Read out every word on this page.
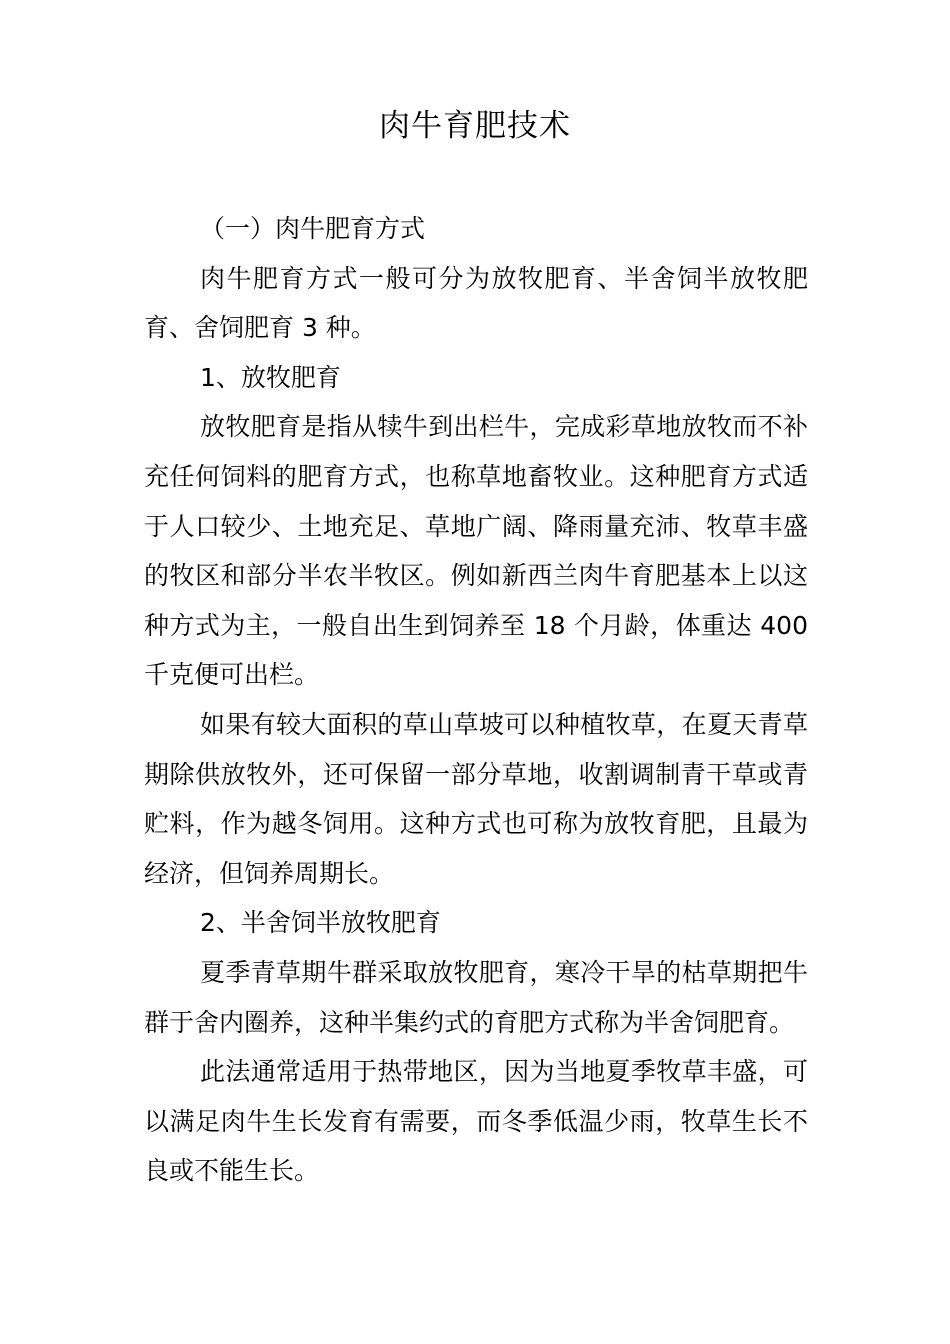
肉牛育肥技术

（一）肉牛肥育方式

肉牛肥育方式一般可分为放牧肥育、半舍饲半放牧肥育、舍饲肥育 3 种。

1、放牧肥育

放牧肥育是指从犊牛到出栏牛，完成彩草地放牧而不补充任何饲料的肥育方式，也称草地畜牧业。这种肥育方式适于人口较少、土地充足、草地广阔、降雨量充沛、牧草丰盛的牧区和部分半农半牧区。例如新西兰肉牛育肥基本上以这种方式为主，一般自出生到饲养至 18 个月龄，体重达 400 千克便可出栏。

如果有较大面积的草山草坡可以种植牧草，在夏天青草期除供放牧外，还可保留一部分草地，收割调制青干草或青贮料，作为越冬饲用。这种方式也可称为放牧育肥，且最为经济，但饲养周期长。

2、半舍饲半放牧肥育

夏季青草期牛群采取放牧肥育，寒冷干旱的枯草期把牛群于舍内圈养，这种半集约式的育肥方式称为半舍饲肥育。

此法通常适用于热带地区，因为当地夏季牧草丰盛，可以满足肉牛生长发育有需要，而冬季低温少雨，牧草生长不良或不能生长。
